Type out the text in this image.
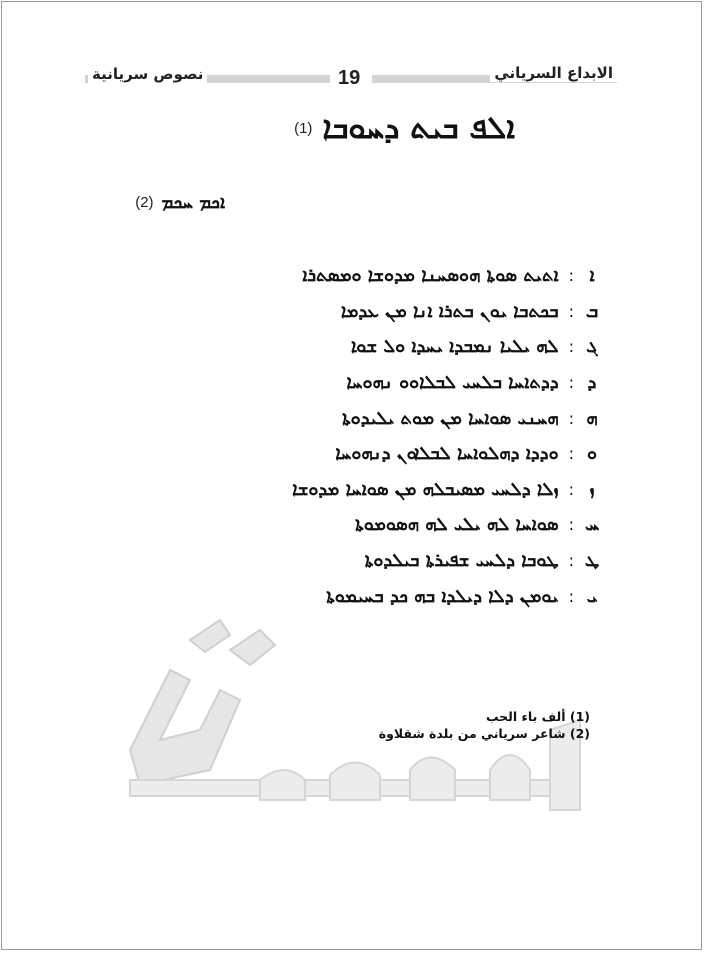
نصوص سريانية	19	الابداع السرياني
ܐܠܦ ܒܝܬ ܕܚܘܒܐ
(1)
ܐܟܡ ܚܟܡ
(2)
ܐ
:
ܐܬܝܬ ܣܘܬܐ ܗܘܣܚܢܐ ܡܕܘܫܐ ܘܡܣܬܪܐ
ܒ
:
ܒܟܬܒܐ ܝܘܢ ܒܬܪܐ ܐܢܐ ܡܢ ܥܕܡܐ
ܓ
:
ܠܗ ܝܠܝܐ ܢܡܒܕܐ ܝܚܕܐ ܘܠ ܫܘܐ
ܕ
:
ܕܕܬܐܚܐ ܒܠܚܝ ܠܒܠܐܘܘ ܢܗܘܚܐ
ܗ
:
ܗܚܢܝ ܣܘܐܚܐ ܡܢ ܡܘܬ ܝܠܝܕܘܬܐ
ܘ
:
ܘܕܕܐ ܕܗܠܘܐܚܐ ܠܒܠܐܘܢ ܕܢܗܘܚܐ
ܙ
:
ܙܠܐ ܕܠܚܝ ܡܣܝܒܠܗ ܡܢ ܣܘܐܚܐ ܡܕܘܫܐ
ܚ
:
ܣܘܐܚܐ ܠܗ ܝܠܝ ܠܗ ܗܣܘܡܘܬܐ
ܛ
:
ܛܘܒܐ ܕܠܚܝ ܫܦܝܪܬܐ ܒܝܠܕܘܬܐ
ܝ
:
ܝܘܡܢ ܕܠܐ ܕܝܠܕܐ ܒܗ ܟܕ ܒܚܝܡܘܬܐ
(1) ألف باء الحب
(2) شاعر سرياني من بلدة شقلاوة
